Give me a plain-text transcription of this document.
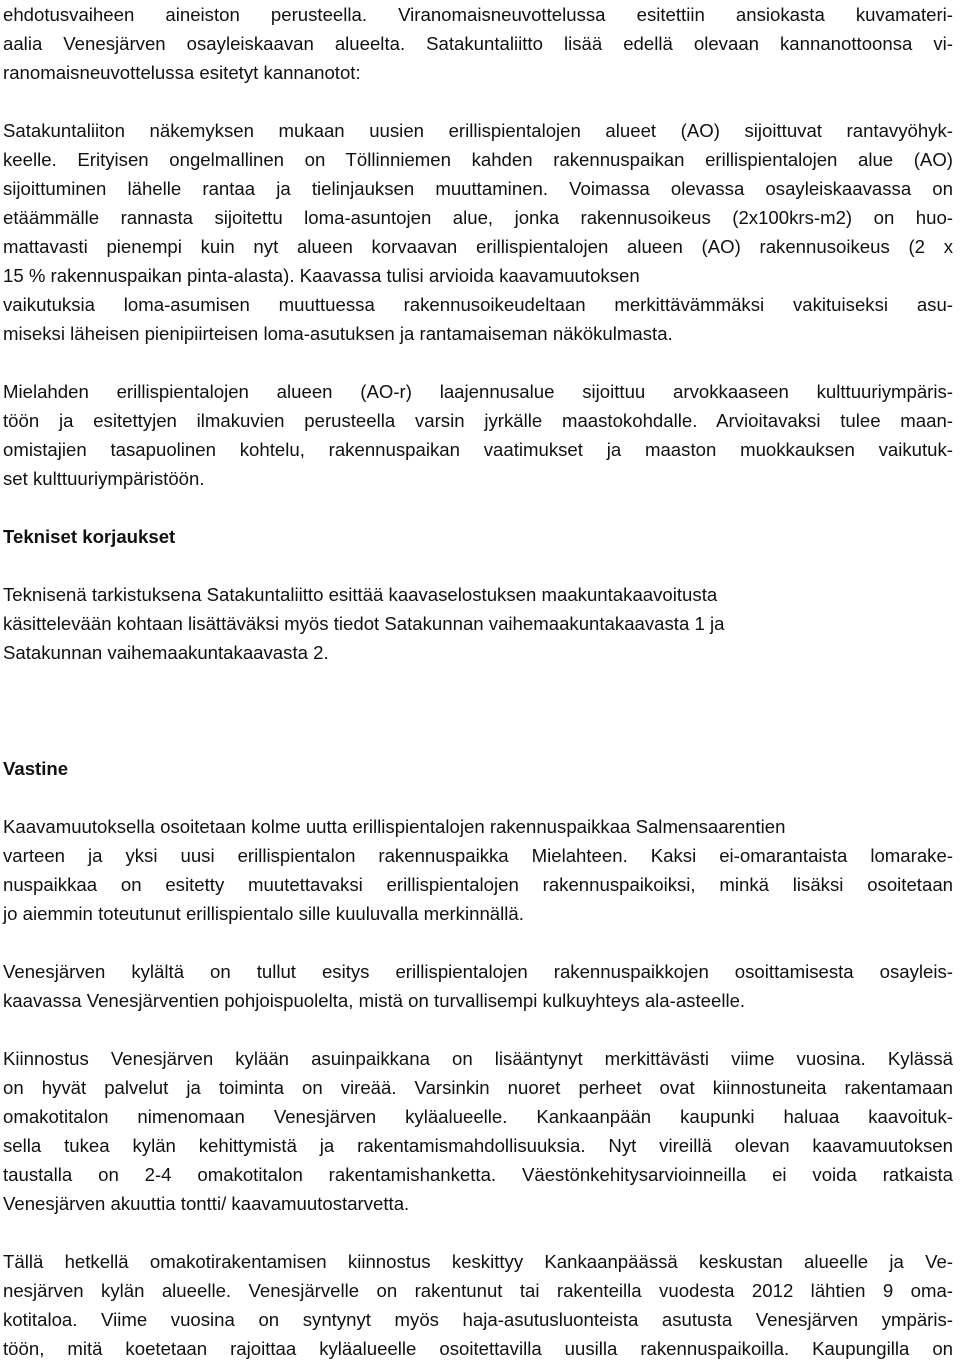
ehdotusvaiheen aineiston perusteella. Viranomaisneuvottelussa esitettiin ansiokasta kuvamateri-
aalia Venesjärven osayleiskaavan alueelta. Satakuntaliitto lisää edellä olevaan kannanottoonsa vi-
ranomaisneuvottelussa esitetyt kannanotot:
Satakuntaliiton näkemyksen mukaan uusien erillispientalojen alueet (AO) sijoittuvat rantavyöhyk-
keelle. Erityisen ongelmallinen on Töllinniemen kahden rakennuspaikan erillispientalojen alue (AO)
sijoittuminen lähelle rantaa ja tielinjauksen muuttaminen. Voimassa olevassa osayleiskaavassa on
etäämmälle rannasta sijoitettu loma-asuntojen alue, jonka rakennusoikeus (2x100krs-m2) on huo-
mattavasti pienempi kuin nyt alueen korvaavan erillispientalojen alueen (AO) rakennusoikeus (2 x
15 % rakennuspaikan pinta-alasta). Kaavassa tulisi arvioida kaavamuutoksen
vaikutuksia loma-asumisen muuttuessa rakennusoikeudeltaan merkittävämmäksi vakituiseksi asu-
miseksi läheisen pienipiirteisen loma-asutuksen ja rantamaiseman näkökulmasta.
Mielahden erillispientalojen alueen (AO-r) laajennusalue sijoittuu arvokkaaseen kulttuuriympäris-
töön ja esitettyjen ilmakuvien perusteella varsin jyrkälle maastokohdalle. Arvioitavaksi tulee maan-
omistajien tasapuolinen kohtelu, rakennuspaikan vaatimukset ja maaston muokkauksen vaikutuk-
set kulttuuriympäristöön.
Tekniset korjaukset
Teknisenä tarkistuksena Satakuntaliitto esittää kaavaselostuksen maakuntakaavoitusta
käsittelevään kohtaan lisättäväksi myös tiedot Satakunnan vaihemaakuntakaavasta 1 ja
Satakunnan vaihemaakuntakaavasta 2.
Vastine
Kaavamuutoksella osoitetaan kolme uutta erillispientalojen rakennuspaikkaa Salmensaarentien
varteen ja yksi uusi erillispientalon rakennuspaikka Mielahteen. Kaksi ei-omarantaista lomarake-
nuspaikkaa on esitetty muutettavaksi erillispientalojen rakennuspaikoiksi, minkä lisäksi osoitetaan
jo aiemmin toteutunut erillispientalo sille kuuluvalla merkinnällä.
Venesjärven kylältä on tullut esitys erillispientalojen rakennuspaikkojen osoittamisesta osayleis-
kaavassa Venesjärventien pohjoispuolelta, mistä on turvallisempi kulkuyhteys ala-asteelle.
Kiinnostus Venesjärven kylään asuinpaikkana on lisääntynyt merkittävästi viime vuosina. Kylässä
on hyvät palvelut ja toiminta on vireää. Varsinkin nuoret perheet ovat kiinnostuneita rakentamaan
omakotitalon nimenomaan Venesjärven kyläalueelle. Kankaanpään kaupunki haluaa kaavoituk-
sella tukea kylän kehittymistä ja rakentamismahdollisuuksia. Nyt vireillä olevan kaavamuutoksen
taustalla on 2-4 omakotitalon rakentamishanketta. Väestönkehitysarvioinneilla ei voida ratkaista
Venesjärven akuuttia tontti/ kaavamuutostarvetta.
Tällä hetkellä omakotirakentamisen kiinnostus keskittyy Kankaanpäässä keskustan alueelle ja Ve-
nesjärven kylän alueelle. Venesjärvelle on rakentunut tai rakenteilla vuodesta 2012 lähtien 9 oma-
kotitaloa. Viime vuosina on syntynyt myös haja-asutusluonteista asutusta Venesjärven ympäris-
töön, mitä koetetaan rajoittaa kyläalueelle osoitettavilla uusilla rakennuspaikoilla. Kaupungilla on
